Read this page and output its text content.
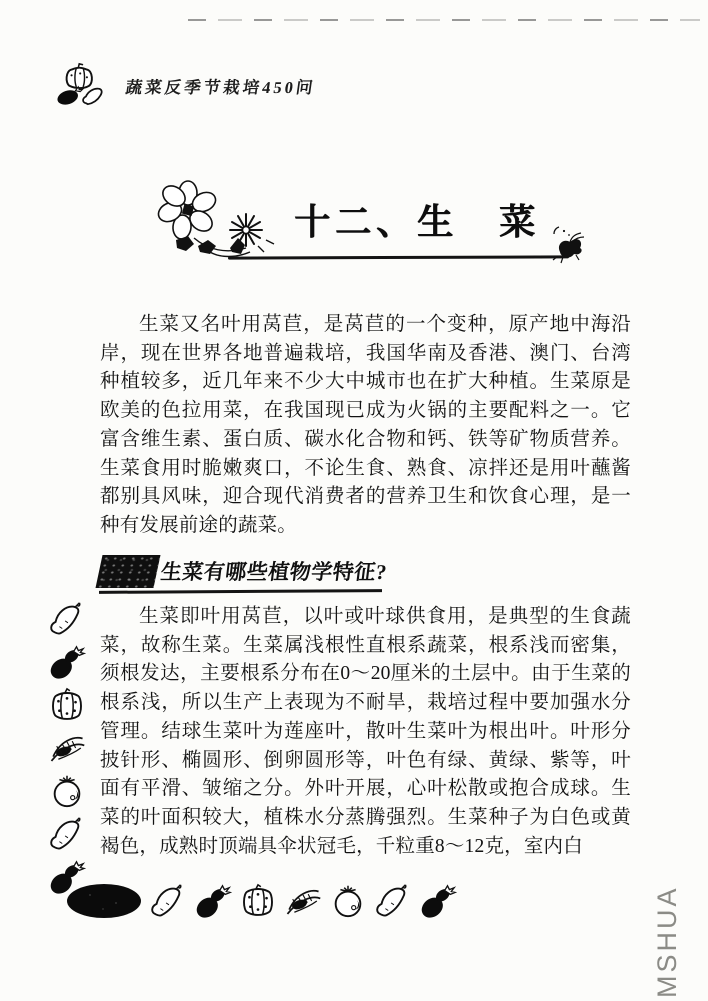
蔬菜反季节栽培450问
十二、生　菜

生菜又名叶用莴苣，是莴苣的一个变种，原产地中海沿岸，现在世界各地普遍栽培，我国华南及香港、澳门、台湾种植较多，近几年来不少大中城市也在扩大种植。生菜原是欧美的色拉用菜，在我国现已成为火锅的主要配料之一。它富含维生素、蛋白质、碳水化合物和钙、铁等矿物质营养。生菜食用时脆嫩爽口，不论生食、熟食、凉拌还是用叶蘸酱都别具风味，迎合现代消费者的营养卫生和饮食心理，是一种有发展前途的蔬菜。

生菜有哪些植物学特征?

生菜即叶用莴苣，以叶或叶球供食用，是典型的生食蔬菜，故称生菜。生菜属浅根性直根系蔬菜，根系浅而密集，须根发达，主要根系分布在0～20厘米的土层中。由于生菜的根系浅，所以生产上表现为不耐旱，栽培过程中要加强水分管理。结球生菜叶为莲座叶，散叶生菜叶为根出叶。叶形分披针形、椭圆形、倒卵圆形等，叶色有绿、黄绿、紫等，叶面有平滑、皱缩之分。外叶开展，心叶松散或抱合成球。生菜的叶面积较大，植株水分蒸腾强烈。生菜种子为白色或黄褐色，成熟时顶端具伞状冠毛，千粒重8～12克，室内白

MSHUA
